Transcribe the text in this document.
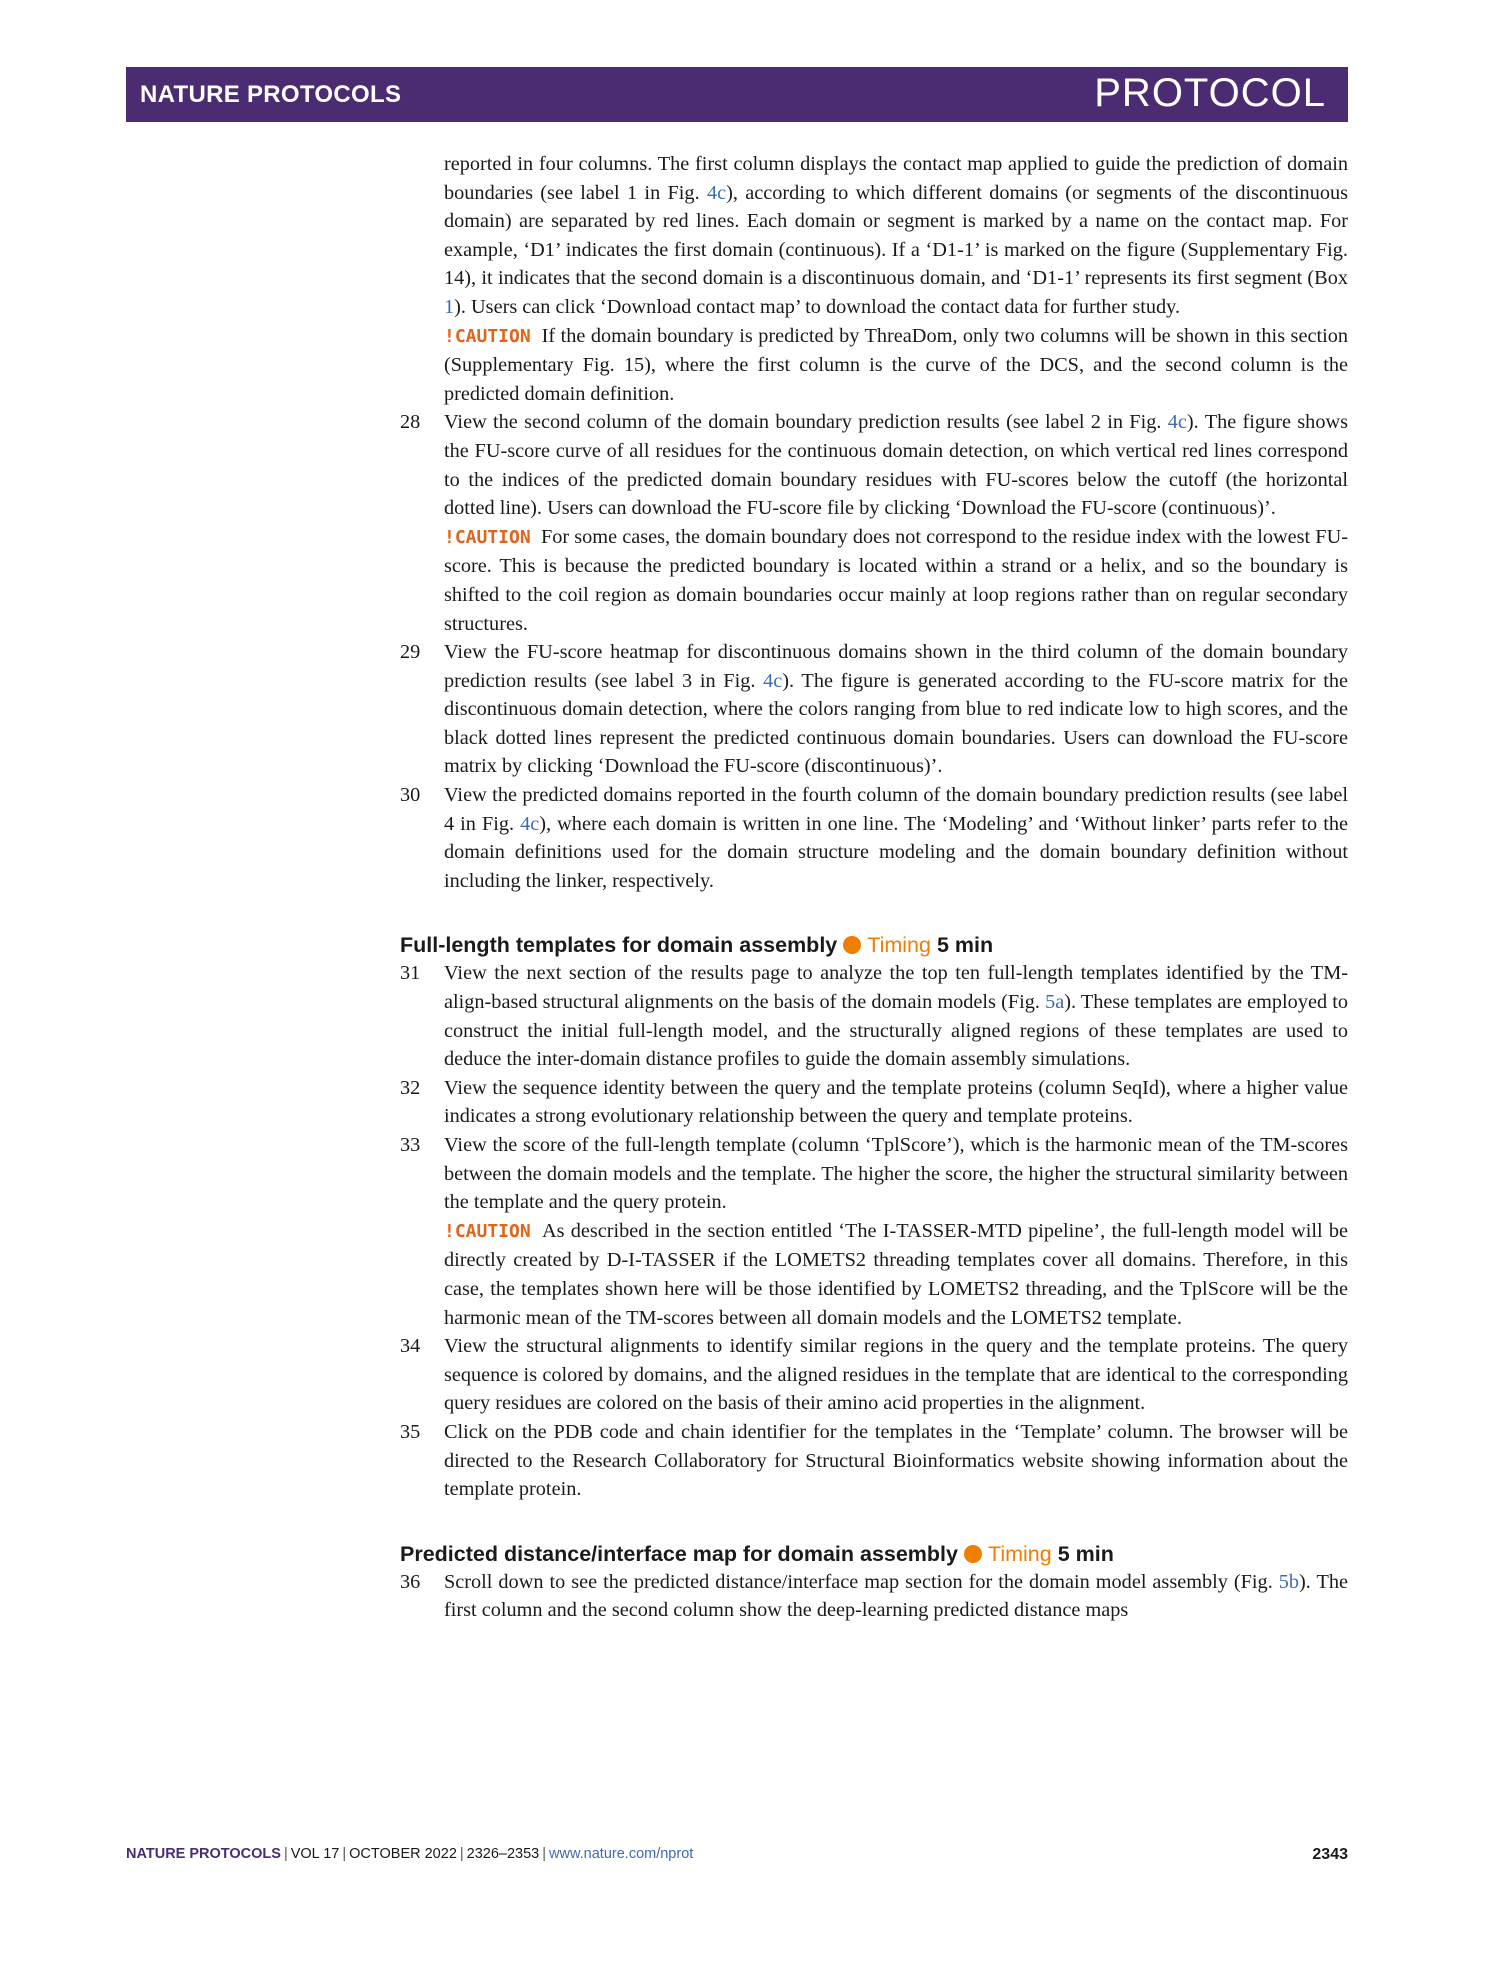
NATURE PROTOCOLS	PROTOCOL

reported in four columns. The first column displays the contact map applied to guide the prediction of domain boundaries (see label 1 in Fig. 4c), according to which different domains (or segments of the discontinuous domain) are separated by red lines. Each domain or segment is marked by a name on the contact map. For example, ‘D1’ indicates the first domain (continuous). If a ‘D1-1’ is marked on the figure (Supplementary Fig. 14), it indicates that the second domain is a discontinuous domain, and ‘D1-1’ represents its first segment (Box 1). Users can click ‘Download contact map’ to download the contact data for further study.

!CAUTION If the domain boundary is predicted by ThreaDom, only two columns will be shown in this section (Supplementary Fig. 15), where the first column is the curve of the DCS, and the second column is the predicted domain definition.

28 View the second column of the domain boundary prediction results (see label 2 in Fig. 4c). The figure shows the FU-score curve of all residues for the continuous domain detection, on which vertical red lines correspond to the indices of the predicted domain boundary residues with FU-scores below the cutoff (the horizontal dotted line). Users can download the FU-score file by clicking ‘Download the FU-score (continuous)’.

!CAUTION For some cases, the domain boundary does not correspond to the residue index with the lowest FU-score. This is because the predicted boundary is located within a strand or a helix, and so the boundary is shifted to the coil region as domain boundaries occur mainly at loop regions rather than on regular secondary structures.

29 View the FU-score heatmap for discontinuous domains shown in the third column of the domain boundary prediction results (see label 3 in Fig. 4c). The figure is generated according to the FU-score matrix for the discontinuous domain detection, where the colors ranging from blue to red indicate low to high scores, and the black dotted lines represent the predicted continuous domain boundaries. Users can download the FU-score matrix by clicking ‘Download the FU-score (discontinuous)’.

30 View the predicted domains reported in the fourth column of the domain boundary prediction results (see label 4 in Fig. 4c), where each domain is written in one line. The ‘Modeling’ and ‘Without linker’ parts refer to the domain definitions used for the domain structure modeling and the domain boundary definition without including the linker, respectively.

Full-length templates for domain assembly Timing 5 min
31 View the next section of the results page to analyze the top ten full-length templates identified by the TM-align-based structural alignments on the basis of the domain models (Fig. 5a). These templates are employed to construct the initial full-length model, and the structurally aligned regions of these templates are used to deduce the inter-domain distance profiles to guide the domain assembly simulations.

32 View the sequence identity between the query and the template proteins (column SeqId), where a higher value indicates a strong evolutionary relationship between the query and template proteins.

33 View the score of the full-length template (column ‘TplScore’), which is the harmonic mean of the TM-scores between the domain models and the template. The higher the score, the higher the structural similarity between the template and the query protein.

!CAUTION As described in the section entitled ‘The I-TASSER-MTD pipeline’, the full-length model will be directly created by D-I-TASSER if the LOMETS2 threading templates cover all domains. Therefore, in this case, the templates shown here will be those identified by LOMETS2 threading, and the TplScore will be the harmonic mean of the TM-scores between all domain models and the LOMETS2 template.

34 View the structural alignments to identify similar regions in the query and the template proteins. The query sequence is colored by domains, and the aligned residues in the template that are identical to the corresponding query residues are colored on the basis of their amino acid properties in the alignment.

35 Click on the PDB code and chain identifier for the templates in the ‘Template’ column. The browser will be directed to the Research Collaboratory for Structural Bioinformatics website showing information about the template protein.

Predicted distance/interface map for domain assembly Timing 5 min
36 Scroll down to see the predicted distance/interface map section for the domain model assembly (Fig. 5b). The first column and the second column show the deep-learning predicted distance maps

NATURE PROTOCOLS | VOL 17 | OCTOBER 2022 | 2326–2353 | www.nature.com/nprot	2343
